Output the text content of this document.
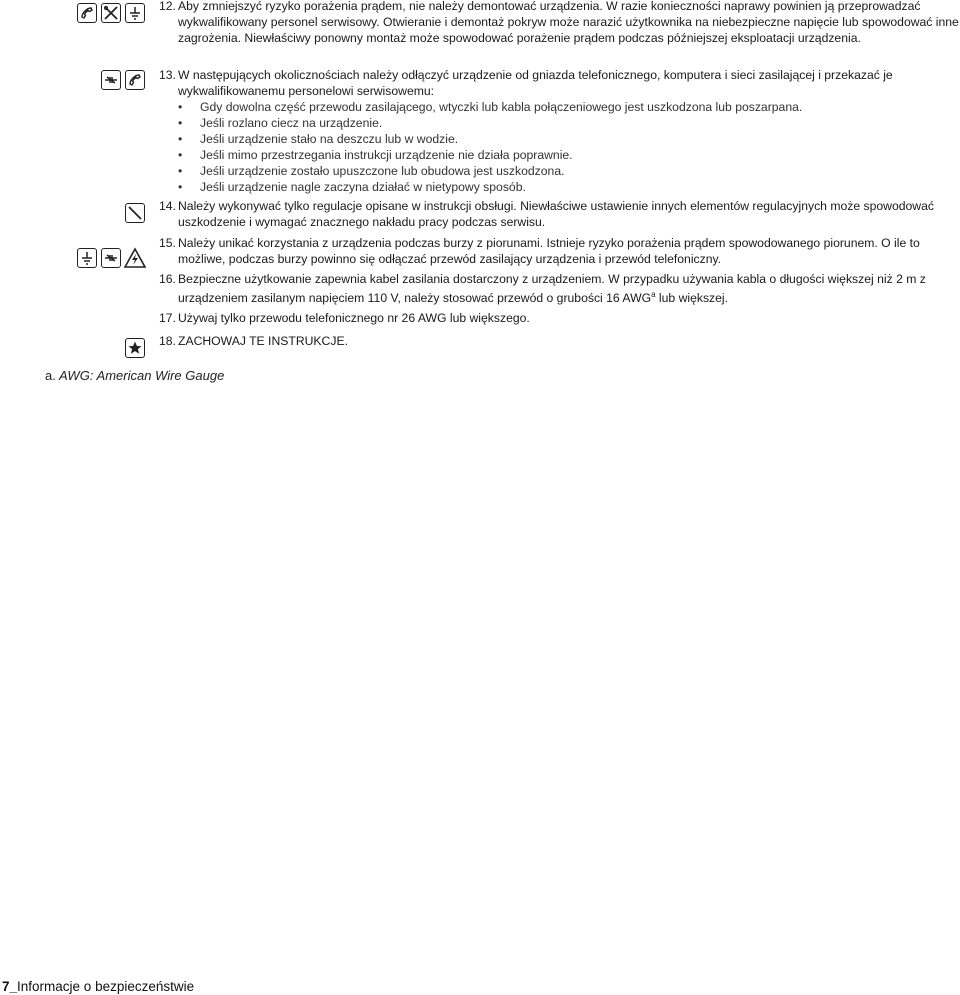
12. Aby zmniejszyć ryzyko porażenia prądem, nie należy demontować urządzenia. W razie konieczności naprawy powinien ją przeprowadzać wykwalifikowany personel serwisowy. Otwieranie i demontaż pokryw może narazić użytkownika na niebezpieczne napięcie lub spowodować inne zagrożenia. Niewłaściwy ponowny montaż może spowodować porażenie prądem podczas późniejszej eksploatacji urządzenia.
13. W następujących okolicznościach należy odłączyć urządzenie od gniazda telefonicznego, komputera i sieci zasilającej i przekazać je wykwalifikowanemu personelowi serwisowemu:
• Gdy dowolna część przewodu zasilającego, wtyczki lub kabla połączeniowego jest uszkodzona lub poszarpana.
• Jeśli rozlano ciecz na urządzenie.
• Jeśli urządzenie stało na deszczu lub w wodzie.
• Jeśli mimo przestrzegania instrukcji urządzenie nie działa poprawnie.
• Jeśli urządzenie zostało upuszczone lub obudowa jest uszkodzona.
• Jeśli urządzenie nagle zaczyna działać w nietypowy sposób.
14. Należy wykonywać tylko regulacje opisane w instrukcji obsługi. Niewłaściwe ustawienie innych elementów regulacyjnych może spowodować uszkodzenie i wymagać znacznego nakładu pracy podczas serwisu.
15. Należy unikać korzystania z urządzenia podczas burzy z piorunami. Istnieje ryzyko porażenia prądem spowodowanego piorunem. O ile to możliwe, podczas burzy powinno się odłączać przewód zasilający urządzenia i przewód telefoniczny.
16. Bezpieczne użytkowanie zapewnia kabel zasilania dostarczony z urządzeniem. W przypadku używania kabla o długości większej niż 2 m z urządzeniem zasilanym napięciem 110 V, należy stosować przewód o grubości 16 AWG$^a$ lub większej.
17. Używaj tylko przewodu telefonicznego nr 26 AWG lub większego.
18. ZACHOWAJ TE INSTRUKCJE.
a. AWG: American Wire Gauge
7_Informacje o bezpieczeństwie
